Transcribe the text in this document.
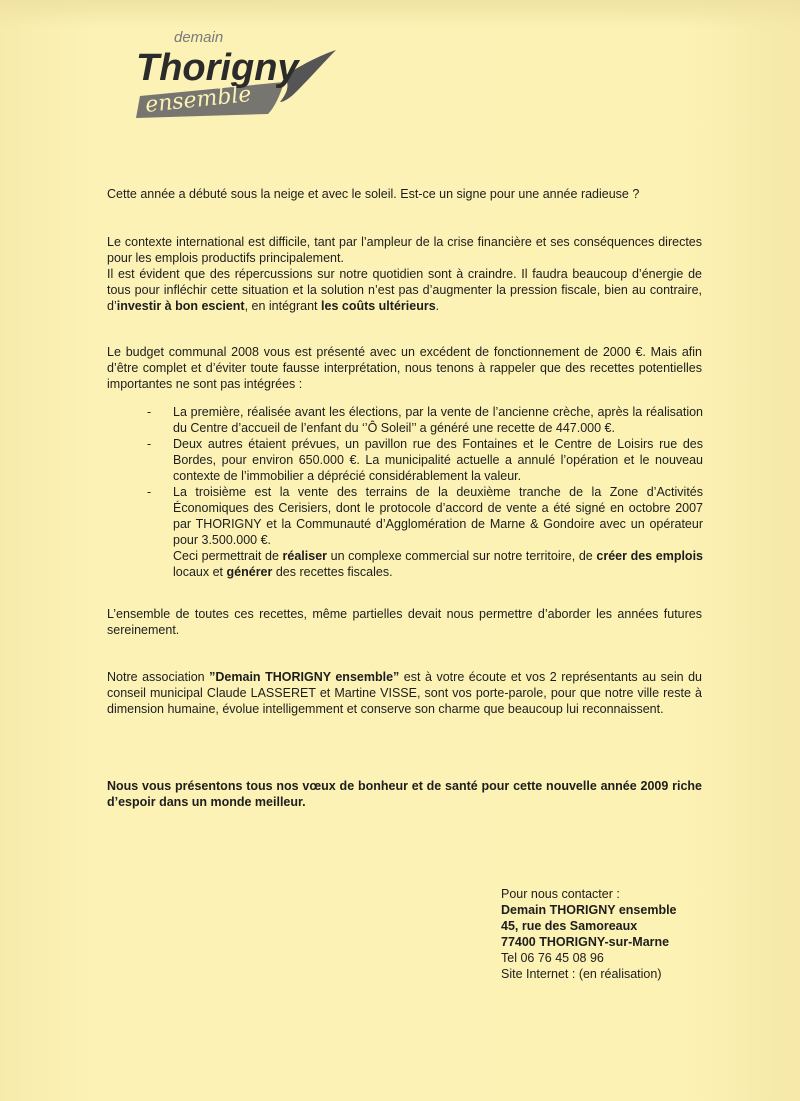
demain
Thorigny
ensemble

Cette année a débuté sous la neige et avec le soleil. Est-ce un signe pour une année radieuse ?

Le contexte international est difficile, tant par l’ampleur de la crise financière et ses conséquences directes pour les emplois productifs principalement.

Il est évident que des répercussions sur notre quotidien sont à craindre. Il faudra beaucoup d’énergie de tous pour infléchir cette situation et la solution n’est pas d’augmenter la pression fiscale, bien au contraire, d’investir à bon escient, en intégrant les coûts ultérieurs.

Le budget communal 2008 vous est présenté avec un excédent de fonctionnement de 2000 €. Mais afin d’être complet et d’éviter toute fausse interprétation, nous tenons à rappeler que des recettes potentielles importantes ne sont pas intégrées :

- La première, réalisée avant les élections, par la vente de l’ancienne crèche, après la réalisation du Centre d’accueil de l’enfant du ‘’Ô Soleil’’ a généré une recette de 447.000 €.

- Deux autres étaient prévues, un pavillon rue des Fontaines et le Centre de Loisirs rue des Bordes, pour environ 650.000 €. La municipalité actuelle a annulé l’opération et le nouveau contexte de l’immobilier a déprécié considérablement la valeur.

- La troisième est la vente des terrains de la deuxième tranche de la Zone d’Activités Économiques des Cerisiers, dont le protocole d’accord de vente a été signé en octobre 2007 par THORIGNY et la Communauté d’Agglomération de Marne & Gondoire avec un opérateur pour 3.500.000 €.

Ceci permettrait de réaliser un complexe commercial sur notre territoire, de créer des emplois locaux et générer des recettes fiscales.

L’ensemble de toutes ces recettes, même partielles devait nous permettre d’aborder les années futures sereinement.

Notre association ”Demain THORIGNY ensemble” est à votre écoute et vos 2 représentants au sein du conseil municipal Claude LASSERET et Martine VISSE, sont vos porte-parole, pour que notre ville reste à dimension humaine, évolue intelligemment et conserve son charme que beaucoup lui reconnaissent.

Nous vous présentons tous nos vœux de bonheur et de santé pour cette nouvelle année 2009 riche d’espoir dans un monde meilleur.

Pour nous contacter :
Demain THORIGNY ensemble
45, rue des Samoreaux
77400 THORIGNY-sur-Marne
Tel 06 76 45 08 96
Site Internet : (en réalisation)
